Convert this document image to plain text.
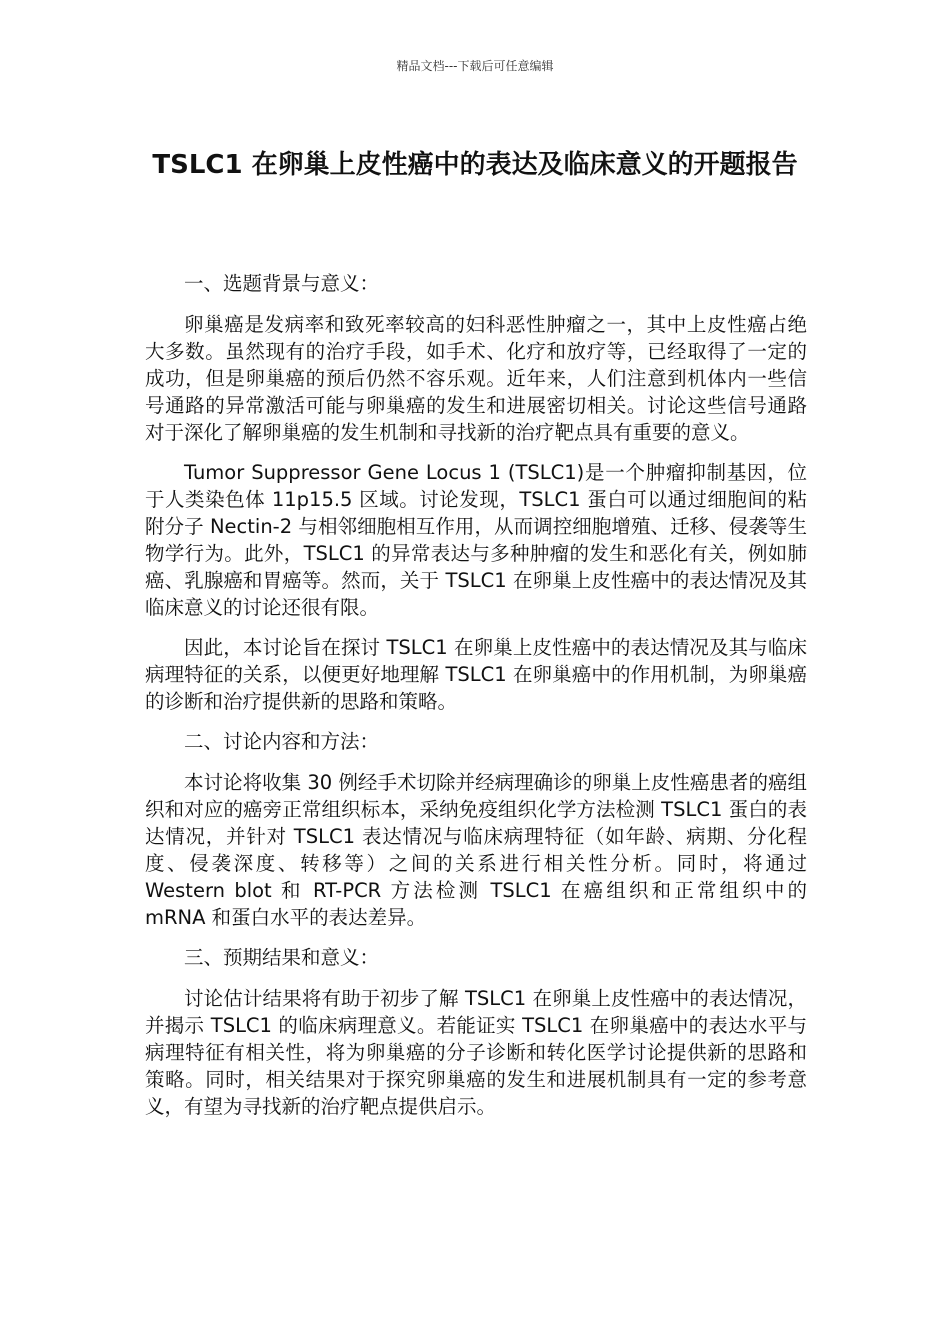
精品文档---下载后可任意编辑
TSLC1 在卵巢上皮性癌中的表达及临床意义的开题报告

一、选题背景与意义：

卵巢癌是发病率和致死率较高的妇科恶性肿瘤之一，其中上皮性癌占绝大多数。虽然现有的治疗手段，如手术、化疗和放疗等，已经取得了一定的成功，但是卵巢癌的预后仍然不容乐观。近年来，人们注意到机体内一些信号通路的异常激活可能与卵巢癌的发生和进展密切相关。讨论这些信号通路对于深化了解卵巢癌的发生机制和寻找新的治疗靶点具有重要的意义。

Tumor Suppressor Gene Locus 1 (TSLC1)是一个肿瘤抑制基因，位于人类染色体 11p15.5 区域。讨论发现，TSLC1 蛋白可以通过细胞间的粘附分子 Nectin-2 与相邻细胞相互作用，从而调控细胞增殖、迁移、侵袭等生物学行为。此外，TSLC1 的异常表达与多种肿瘤的发生和恶化有关，例如肺癌、乳腺癌和胃癌等。然而，关于 TSLC1 在卵巢上皮性癌中的表达情况及其临床意义的讨论还很有限。

因此，本讨论旨在探讨 TSLC1 在卵巢上皮性癌中的表达情况及其与临床病理特征的关系，以便更好地理解 TSLC1 在卵巢癌中的作用机制，为卵巢癌的诊断和治疗提供新的思路和策略。

二、讨论内容和方法：

本讨论将收集 30 例经手术切除并经病理确诊的卵巢上皮性癌患者的癌组织和对应的癌旁正常组织标本，采纳免疫组织化学方法检测 TSLC1 蛋白的表达情况，并针对 TSLC1 表达情况与临床病理特征（如年龄、病期、分化程度、侵袭深度、转移等）之间的关系进行相关性分析。同时，将通过 Western blot 和 RT-PCR 方法检测 TSLC1 在癌组织和正常组织中的 mRNA 和蛋白水平的表达差异。

三、预期结果和意义：

讨论估计结果将有助于初步了解 TSLC1 在卵巢上皮性癌中的表达情况，并揭示 TSLC1 的临床病理意义。若能证实 TSLC1 在卵巢癌中的表达水平与病理特征有相关性，将为卵巢癌的分子诊断和转化医学讨论提供新的思路和策略。同时，相关结果对于探究卵巢癌的发生和进展机制具有一定的参考意义，有望为寻找新的治疗靶点提供启示。
